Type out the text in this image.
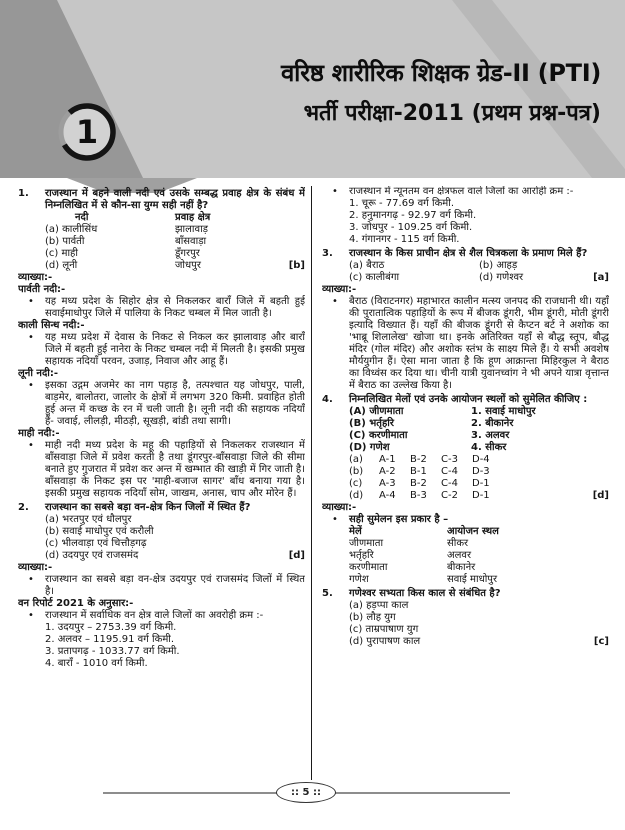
1
वरिष्ठ शारीरिक शिक्षक ग्रेड-II (PTI)
भर्ती परीक्षा-2011 (प्रथम प्रश्न-पत्र)
1.	राजस्थान में बहने वाली नदी एवं उसके सम्बद्ध प्रवाह क्षेत्र के संबंध में निम्नलिखित में से कौन-सा युग्म सही नहीं है?
नदी	प्रवाह क्षेत्र
(a) कालीसिंध	झालावाड़
(b) पार्वती	बाँसवाड़ा
(c) माही	डूँगरपुर
(d) लूनी	जोधपुर	[b]
व्याख्या:-
पार्वती नदी:-
•	यह मध्य प्रदेश के सिहोर क्षेत्र से निकलकर बाराँ जिले में बहती हुई सवाईमाधोपुर जिले में पालिया के निकट चम्बल में मिल जाती है।
काली सिन्ध नदी:-
•	यह मध्य प्रदेश में देवास के निकट से निकल कर झालावाड़ और बाराँ जिले में बहती हुई नानेरा के निकट चम्बल नदी में मिलती है। इसकी प्रमुख सहायक नदियाँ परवन, उजाड़, निवाज और आहू हैं।
लूनी नदी:-
•	इसका उद्गम अजमेर का नाग पहाड़ है, तत्पश्चात यह जोधपुर, पाली, बाड़मेर, बालोतरा, जालोर के क्षेत्रों में लगभग 320 किमी. प्रवाहित होती हुई अन्त में कच्छ के रन में चली जाती है। लूनी नदी की सहायक नदियाँ हैं- जवाई, लीलड़ी, मीठड़ी, सूखड़ी, बांडी तथा सागी।
माही नदी:-
•	माही नदी मध्य प्रदेश के महू की पहाड़ियों से निकलकर राजस्थान में बाँसवाड़ा जिले में प्रवेश करती है तथा डूंगरपुर-बाँसवाड़ा जिले की सीमा बनाते हुए गुजरात में प्रवेश कर अन्त में खम्भात की खाड़ी में गिर जाती है। बाँसवाड़ा के निकट इस पर 'माही-बजाज सागर' बाँध बनाया गया है। इसकी प्रमुख सहायक नदियाँ सोम, जाखम, अनास, चाप और मोरेन हैं।
2.	राजस्थान का सबसे बड़ा वन-क्षेत्र किन जिलों में स्थित हैं?
(a) भरतपुर एवं धौलपुर
(b) सवाई माधोपुर एवं करौली
(c) भीलवाड़ा एवं चित्तौड़गढ़
(d) उदयपुर एवं राजसमंद	[d]
व्याख्या:-
•	राजस्थान का सबसे बड़ा वन-क्षेत्र उदयपुर एवं राजसमंद जिलों में स्थित है।
वन रिपोर्ट 2021 के अनुसार:-
•	राजस्थान में सर्वाधिक वन क्षेत्र वाले जिलों का अवरोही क्रम :-
1. उदयपुर – 2753.39 वर्ग किमी.
2. अलवर – 1195.91 वर्ग किमी.
3. प्रतापगढ़ - 1033.77 वर्ग किमी.
4. बाराँ - 1010 वर्ग किमी.
•	राजस्थान में न्यूनतम वन क्षेत्रफल वाले जिलों का आरोही क्रम :-
1. चूरू - 77.69 वर्ग किमी.
2. हनुमानगढ़ - 92.97 वर्ग किमी.
3. जोधपुर - 109.25 वर्ग किमी.
4. गंगानगर - 115 वर्ग किमी.
3.	राजस्थान के किस प्राचीन क्षेत्र से शैल चित्रकला के प्रमाण मिले हैं?
(a) बैराठ	(b) आहड़
(c) कालीबंगा	(d) गणेश्वर	[a]
व्याख्या:-
•	बैराठ (विराटनगर) महाभारत कालीन मत्स्य जनपद की राजधानी थी। यहाँ की पुरातात्विक पहाड़ियों के रूप में बीजक डूंगरी, भीम डूंगरी, मोती डूंगरी इत्यादि विख्यात हैं। यहाँ की बीजक डूंगरी से कैप्टन बर्ट ने अशोक का 'भाब्रू शिलालेख' खोजा था। इनके अतिरिक्त यहाँ से बौद्ध स्तूप, बौद्ध मंदिर (गोल मंदिर) और अशोक स्तंभ के साक्ष्य मिले हैं। ये सभी अवशेष मौर्ययुगीन हैं। ऐसा माना जाता है कि हूण आक्रान्ता मिहिरकुल ने बैराठ का विध्वंस कर दिया था। चीनी यात्री युवानच्वांग ने भी अपने यात्रा वृत्तान्त में बैराठ का उल्लेख किया है।
4.	निम्नलिखित मेलों एवं उनके आयोजन स्थलों को सुमेलित कीजिए :
(A) जीणमाता	1. सवाई माधोपुर
(B) भर्तृहरि	2. बीकानेर
(C) करणीमाता	3. अलवर
(D) गणेश	4. सीकर
(a)	A-1	B-2	C-3	D-4
(b)	A-2	B-1	C-4	D-3
(c)	A-3	B-2	C-4	D-1
(d)	A-4	B-3	C-2	D-1	[d]
व्याख्या:-
•	सही सुमेलन इस प्रकार है –
मेलें	आयोजन स्थल
जीणमाता	सीकर
भर्तृहरि	अलवर
करणीमाता	बीकानेर
गणेश	सवाई माधोपुर
5.	गणेश्वर सभ्यता किस काल से संबंधित है?
(a) हड़प्पा काल
(b) लौह युग
(c) ताम्रपाषाण युग
(d) पुरापाषण काल	[c]
:: 5 ::
